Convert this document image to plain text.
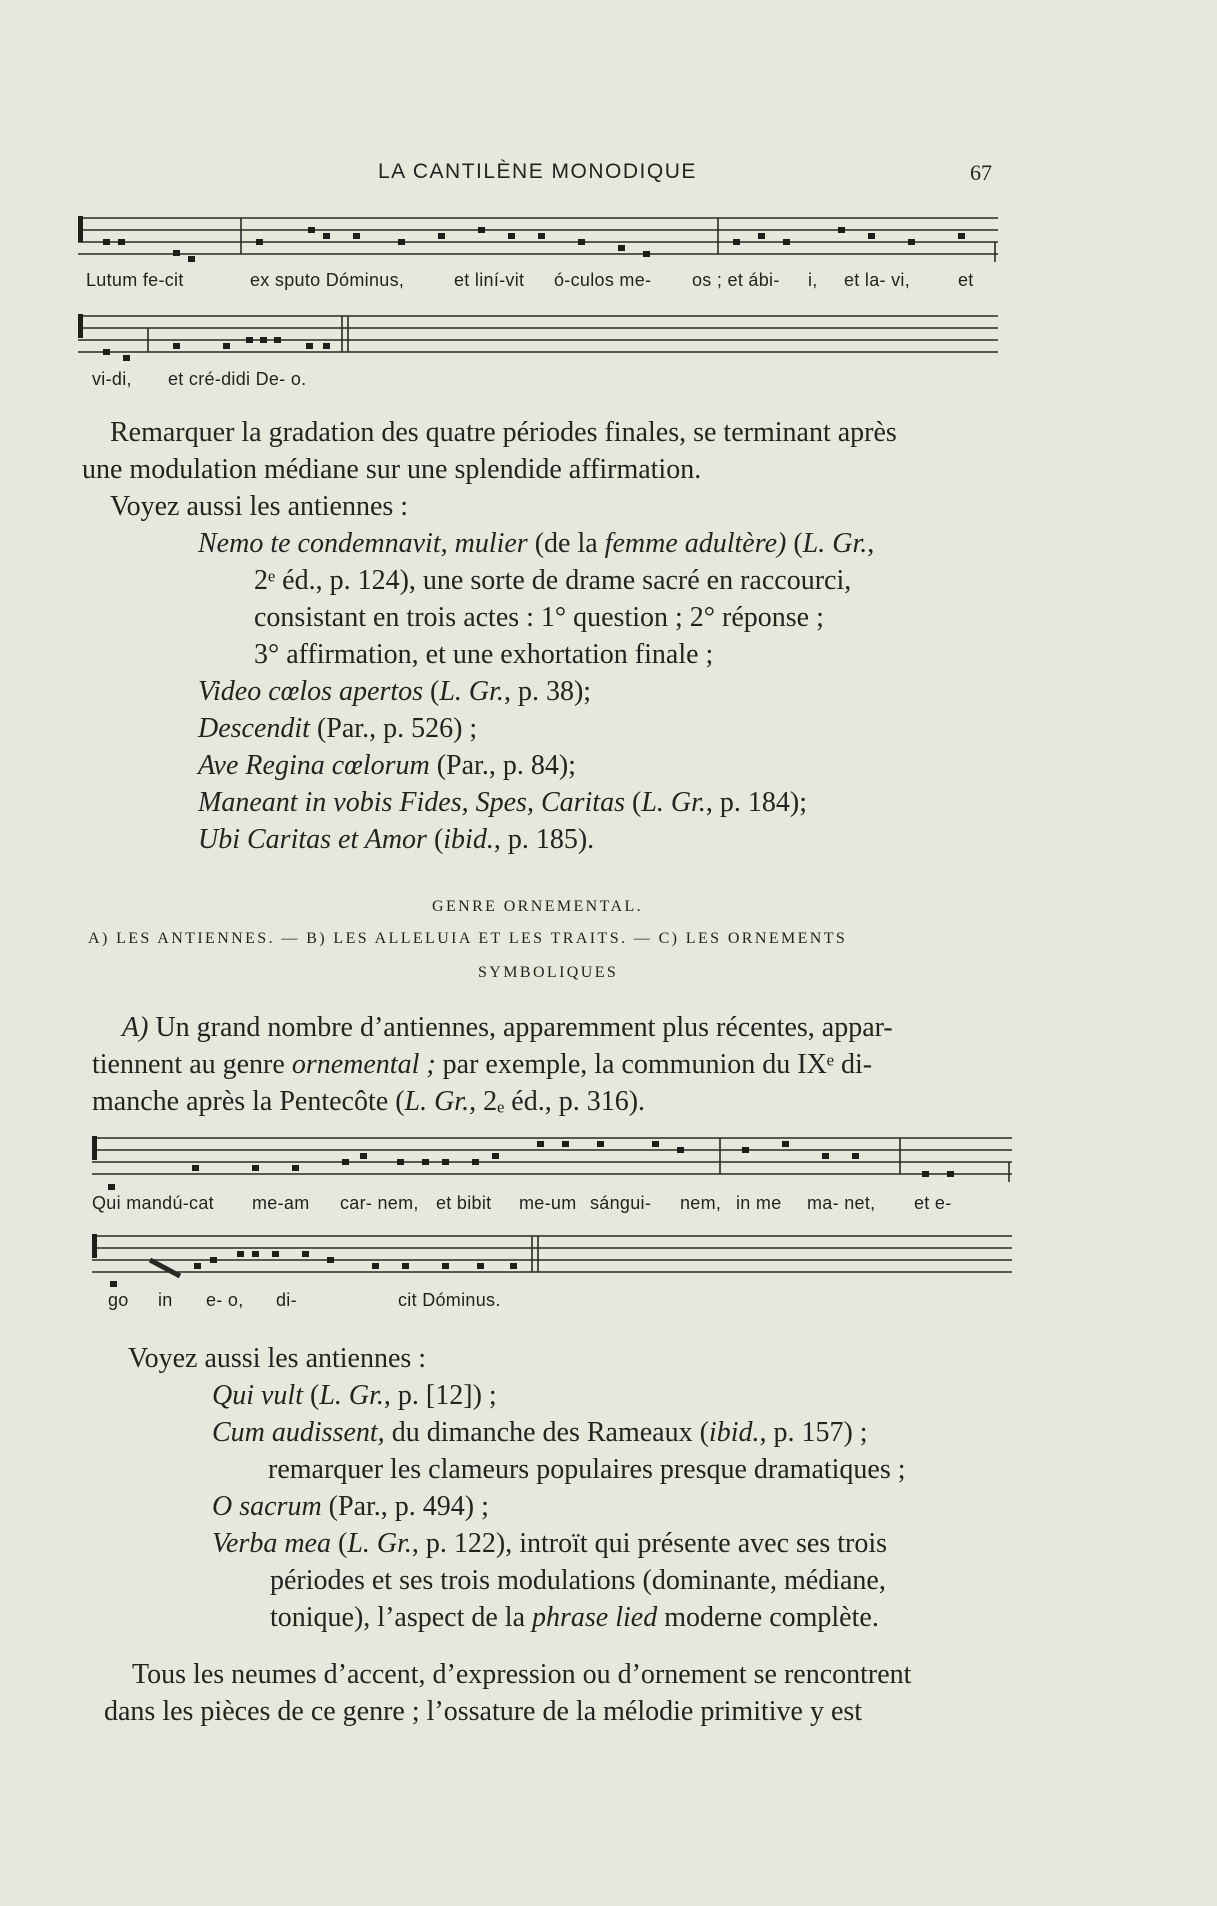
LA CANTILÈNE MONODIQUE	67
Lutum fe-cit	ex sputo Dóminus,	et liní-vit ó-culos me- os ; et ábi- i, et la- vi,	et
vi-di, et cré-didi De- o.
Remarquer la gradation des quatre périodes finales, se terminant après
une modulation médiane sur une splendide affirmation.
Voyez aussi les antiennes :
Nemo te condemnavit, mulier (de la femme adultère) (L. Gr.,
2ᵉ éd., p. 124), une sorte de drame sacré en raccourci,
consistant en trois actes : 1° question ; 2° réponse ;
3° affirmation, et une exhortation finale ;
Video cœlos apertos (L. Gr., p. 38);
Descendit (Par., p. 526) ;
Ave Regina cœlorum (Par., p. 84);
Maneant in vobis Fides, Spes, Caritas (L. Gr., p. 184);
Ubi Caritas et Amor (ibid., p. 185).
GENRE ORNEMENTAL.
A) LES ANTIENNES. — B) LES ALLELUIA ET LES TRAITS. — C) LES ORNEMENTS
SYMBOLIQUES
A) Un grand nombre d’antiennes, apparemment plus récentes, appar-
tiennent au genre ornemental ; par exemple, la communion du IXᵉ di-
manche après la Pentecôte (L. Gr., 2ₑ éd., p. 316).
Qui mandú-cat me-am car- nem, et bibit me-um sángui- nem, in me ma- net, et e-
go in e- o, di-	cit Dóminus.
Voyez aussi les antiennes :
Qui vult (L. Gr., p. [12]) ;
Cum audissent, du dimanche des Rameaux (ibid., p. 157) ;
remarquer les clameurs populaires presque dramatiques ;
O sacrum (Par., p. 494) ;
Verba mea (L. Gr., p. 122), introït qui présente avec ses trois
périodes et ses trois modulations (dominante, médiane,
tonique), l’aspect de la phrase lied moderne complète.
Tous les neumes d’accent, d’expression ou d’ornement se rencontrent
dans les pièces de ce genre ; l’ossature de la mélodie primitive y est
